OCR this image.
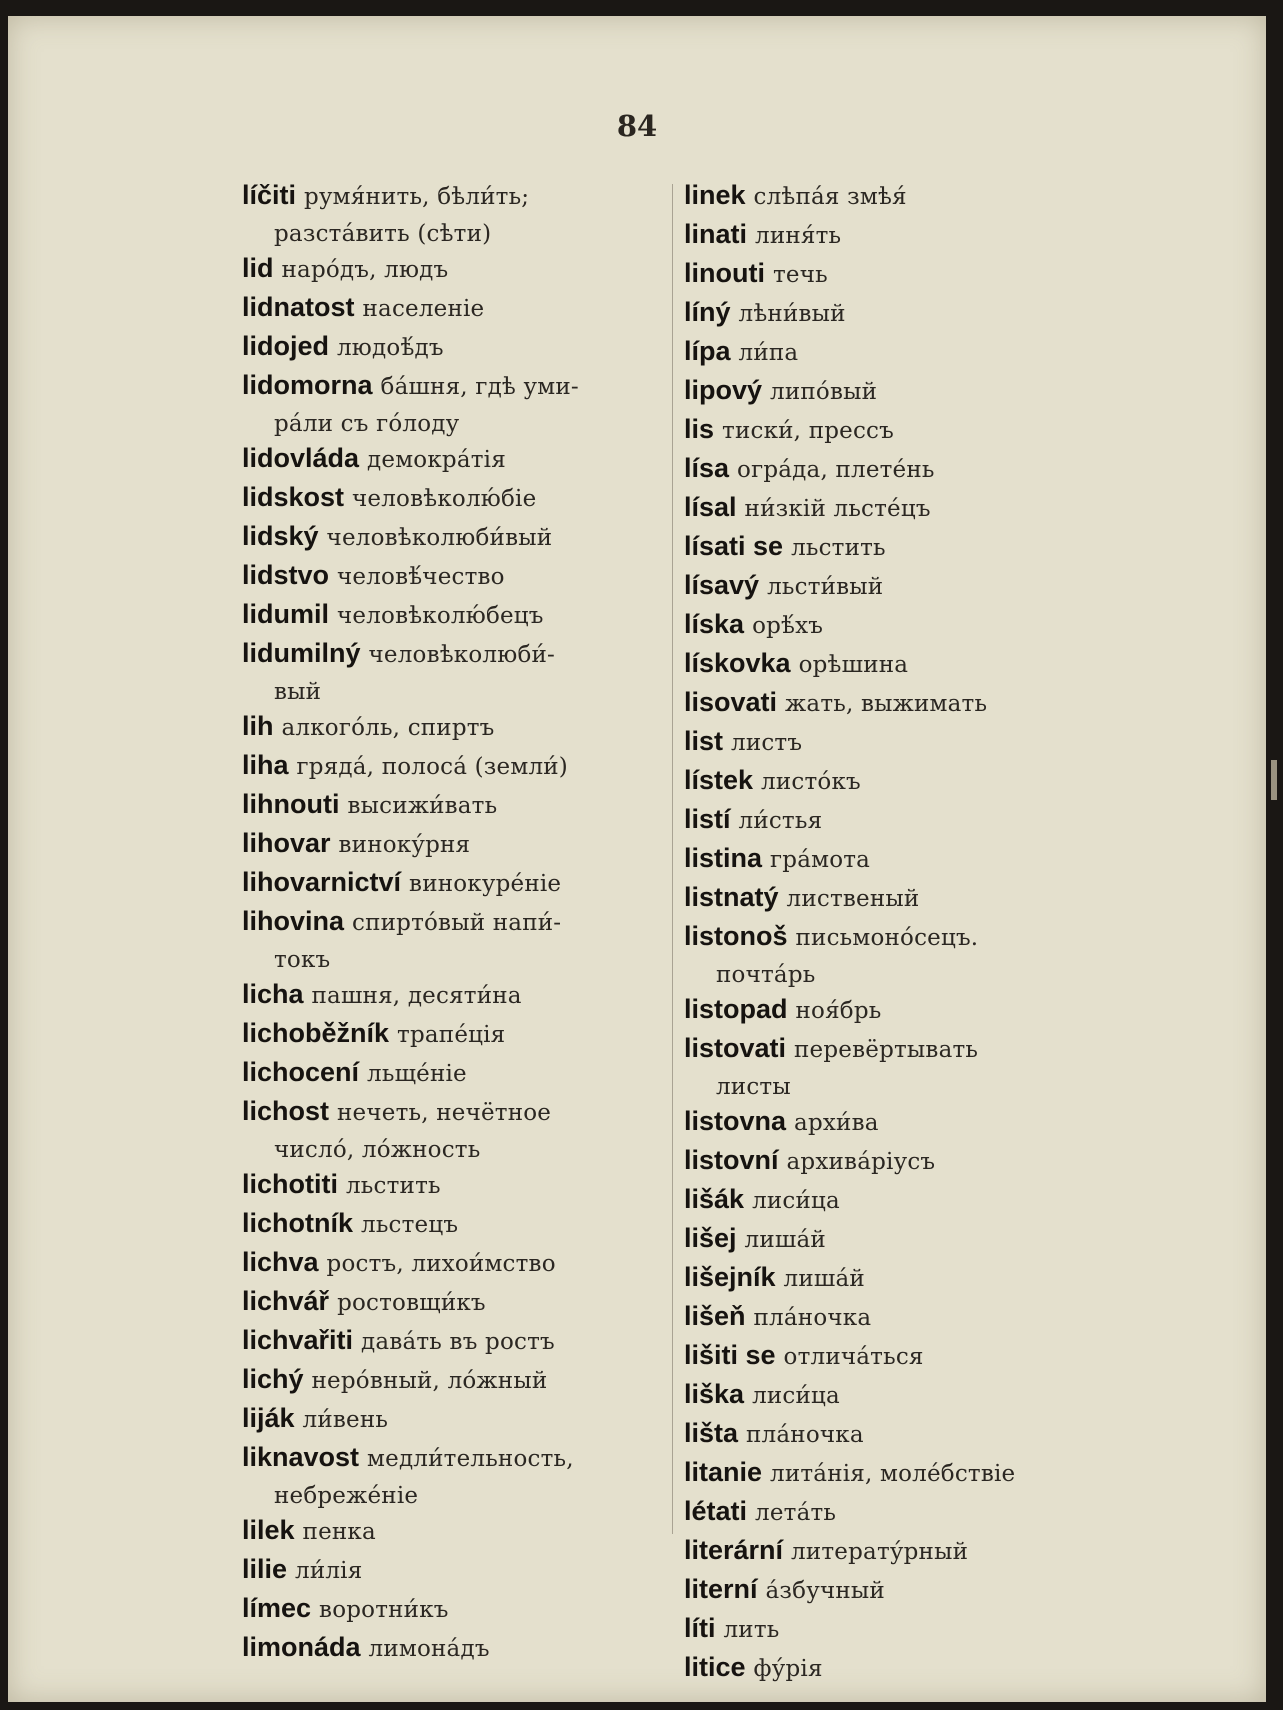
84
líčiti румя́нить, бѣли́ть;
разста́вить (сѣти)
lid наро́дъ, людъ
lidnatost населеніе
lidojed людоѣ́дъ
lidomorna ба́шня, гдѣ уми-
ра́ли съ го́лоду
lidovláda демокра́тія
lidskost человѣколю́біе
lidský человѣколюби́вый
lidstvo человѣ́чество
lidumil человѣколю́бецъ
lidumilný человѣколюби́-
вый
lih алкого́ль, спиртъ
liha гряда́, полоса́ (земли́)
lihnouti высижи́вать
lihovar виноку́рня
lihovarnictví винокуре́ніе
lihovina спирто́вый напи́-
токъ
licha пашня, десяти́на
lichoběžník трапе́ція
lichocení льще́ніе
lichost нечеть, нечётное
число́, ло́жность
lichotiti льстить
lichotník льстецъ
lichva ростъ, лихои́мство
lichvář ростовщи́къ
lichvařiti дава́ть въ ростъ
lichý неро́вный, ло́жный
liják ли́вень
liknavost медли́тельность,
небреже́ніе
lilek пенка
lilie ли́лія
límec воротни́къ
limonáda лимона́дъ
linek слѣпа́я змѣя́
linati линя́ть
linouti течь
líný лѣни́вый
lípa ли́па
lipový липо́вый
lis тиски́, прессъ
lísa огра́да, плете́нь
lísal ни́зкій льсте́цъ
lísati se льстить
lísavý льсти́вый
líska орѣ́хъ
lískovka орѣшина
lisovati жать, выжимать
list листъ
lístek листо́къ
listí ли́стья
listina гра́мота
listnatý лиственый
listonoš письмоно́сецъ.
почта́рь
listopad ноя́брь
listovati перевёртывать
листы
listovna архи́ва
listovní архива́ріусъ
lišák лиси́ца
lišej лиша́й
lišejník лиша́й
lišeň пла́ночка
lišiti se отлича́ться
liška лиси́ца
lišta пла́ночка
litanie лита́нія, моле́бствіе
létati лета́ть
literární литерату́рный
literní а́збучный
líti лить
litice фу́рія
